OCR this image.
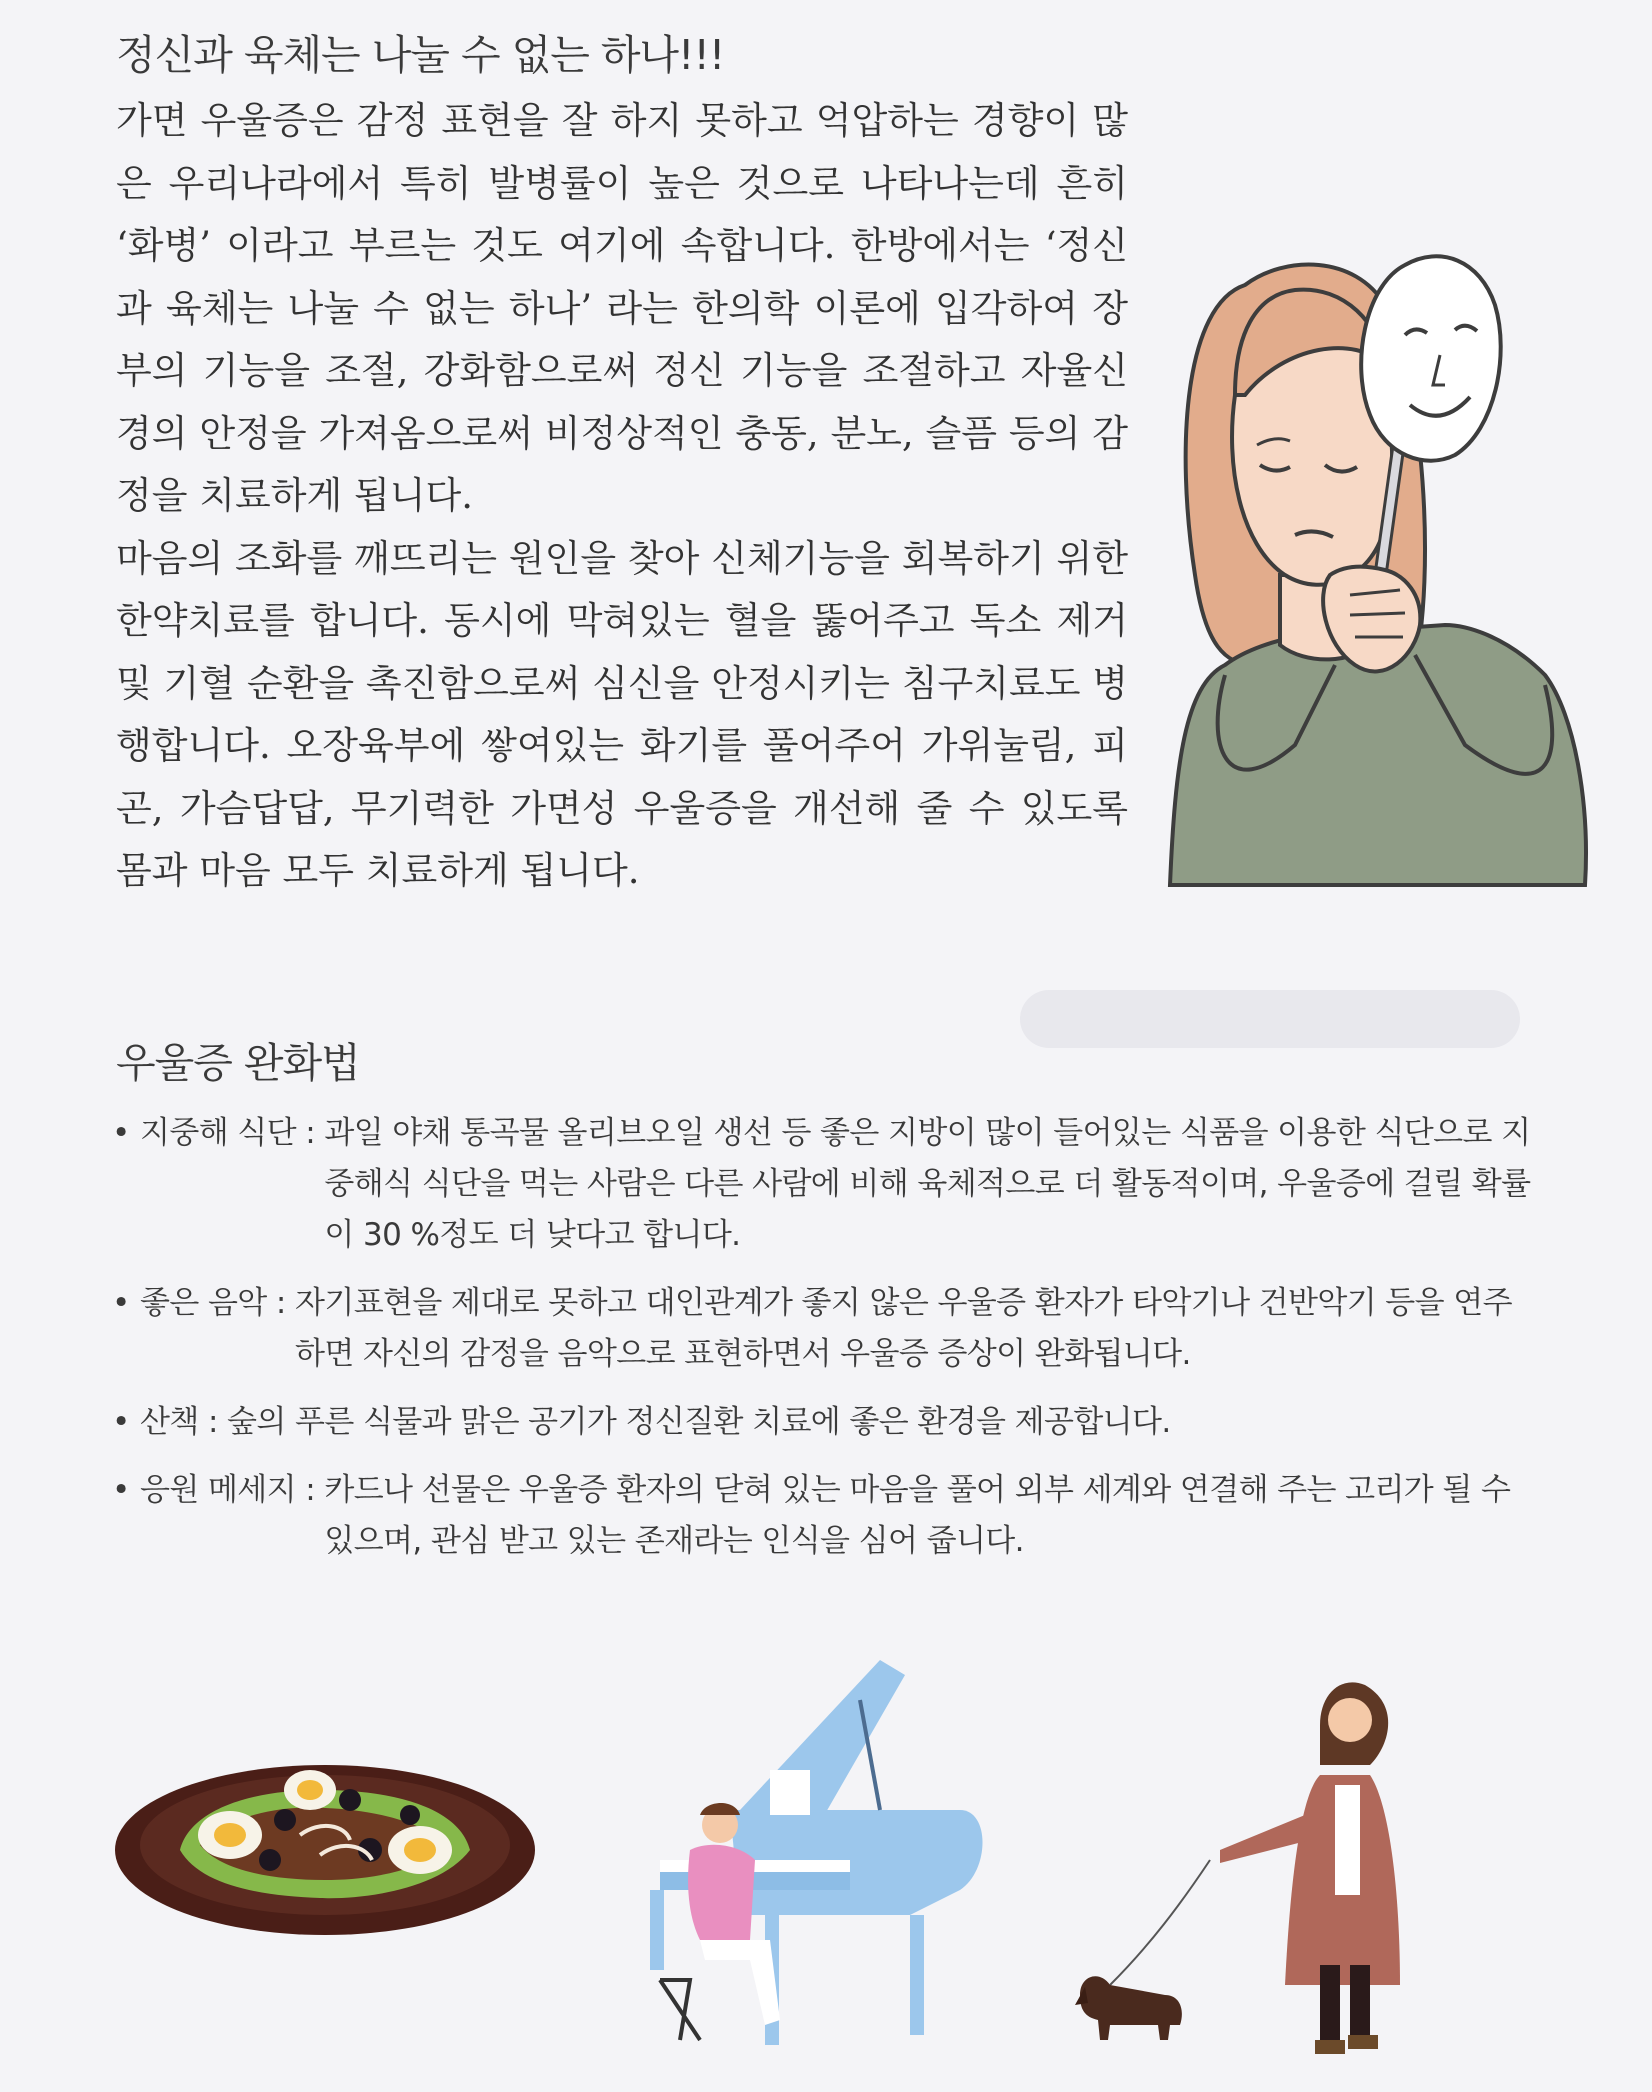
정신과 육체는 나눌 수 없는 하나!!!

가면 우울증은 감정 표현을 잘 하지 못하고 억압하는 경향이 많은 우리나라에서 특히 발병률이 높은 것으로 나타나는데 흔히 ‘화병’ 이라고 부르는 것도 여기에 속합니다. 한방에서는 ‘정신과 육체는 나눌 수 없는 하나’ 라는 한의학 이론에 입각하여 장부의 기능을 조절, 강화함으로써 정신 기능을 조절하고 자율신경의 안정을 가져옴으로써 비정상적인 충동, 분노, 슬픔 등의 감정을 치료하게 됩니다.

마음의 조화를 깨뜨리는 원인을 찾아 신체기능을 회복하기 위한 한약치료를 합니다. 동시에 막혀있는 혈을 뚫어주고 독소 제거 및 기혈 순환을 촉진함으로써 심신을 안정시키는 침구치료도 병행합니다. 오장육부에 쌓여있는 화기를 풀어주어 가위눌림, 피곤, 가슴답답, 무기력한 가면성 우울증을 개선해 줄 수 있도록 몸과 마음 모두 치료하게 됩니다.

우울증 완화법
• 지중해 식단 : 과일 야채 통곡물 올리브오일 생선 등 좋은 지방이 많이 들어있는 식품을 이용한 식단으로 지중해식 식단을 먹는 사람은 다른 사람에 비해 육체적으로 더 활동적이며, 우울증에 걸릴 확률이 30 %정도 더 낮다고 합니다.
• 좋은 음악 : 자기표현을 제대로 못하고 대인관계가 좋지 않은 우울증 환자가 타악기나 건반악기 등을 연주하면 자신의 감정을 음악으로 표현하면서 우울증 증상이 완화됩니다.
• 산책 : 숲의 푸른 식물과 맑은 공기가 정신질환 치료에 좋은 환경을 제공합니다.
• 응원 메세지 : 카드나 선물은 우울증 환자의 닫혀 있는 마음을 풀어 외부 세계와 연결해 주는 고리가 될 수 있으며, 관심 받고 있는 존재라는 인식을 심어 줍니다.
